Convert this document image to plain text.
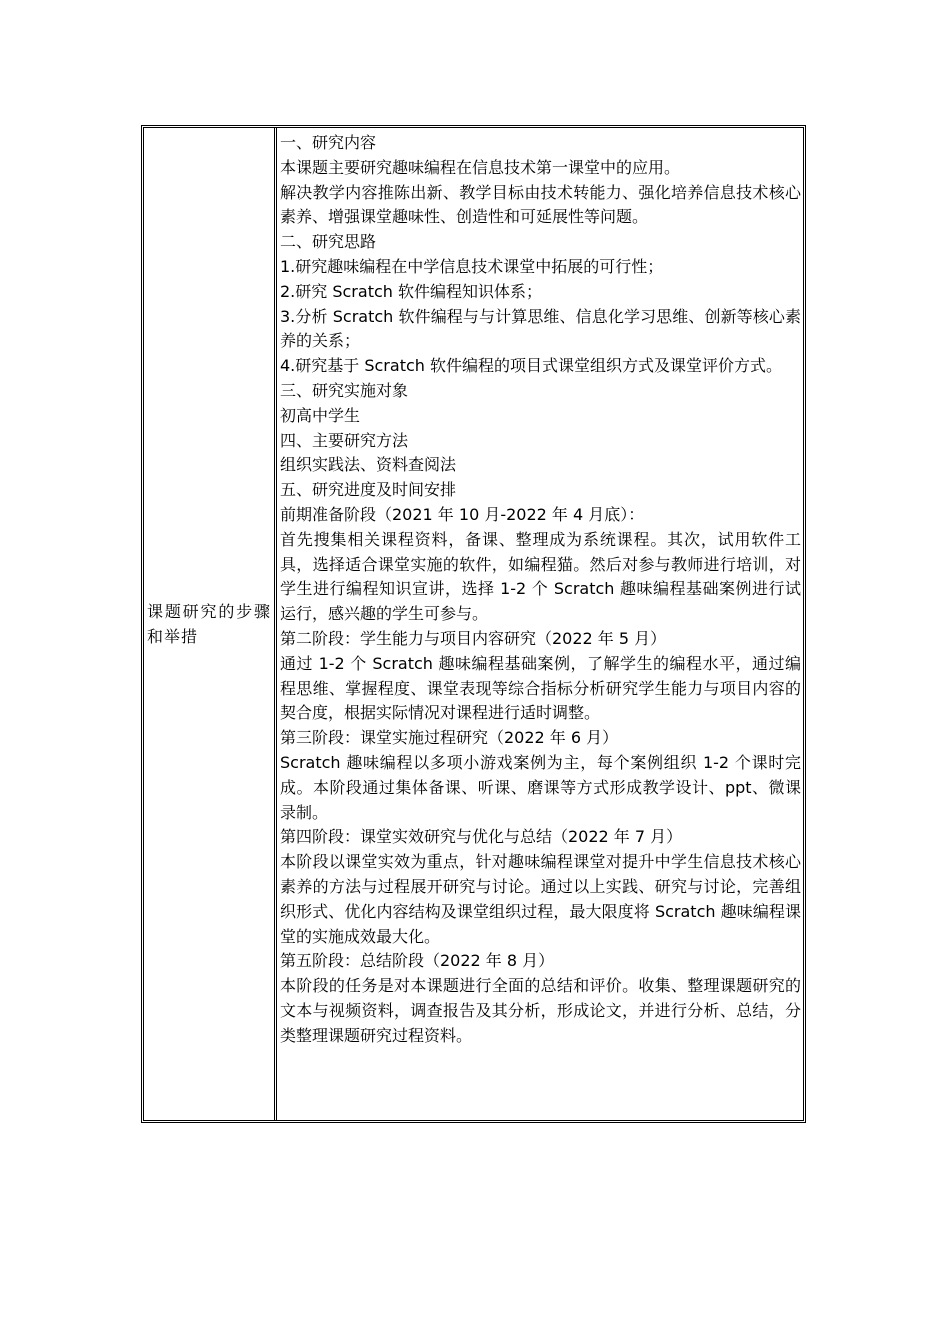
课题研究的步骤和举措

一、研究内容

本课题主要研究趣味编程在信息技术第一课堂中的应用。

解决教学内容推陈出新、教学目标由技术转能力、强化培养信息技术核心素养、增强课堂趣味性、创造性和可延展性等问题。

二、研究思路

1.研究趣味编程在中学信息技术课堂中拓展的可行性；

2.研究 Scratch 软件编程知识体系；

3.分析 Scratch 软件编程与与计算思维、信息化学习思维、创新等核心素养的关系；

4.研究基于 Scratch 软件编程的项目式课堂组织方式及课堂评价方式。

三、研究实施对象

初高中学生

四、主要研究方法

组织实践法、资料查阅法

五、研究进度及时间安排

前期准备阶段（2021 年 10 月-2022 年 4 月底）：

首先搜集相关课程资料，备课、整理成为系统课程。其次，试用软件工具，选择适合课堂实施的软件，如编程猫。然后对参与教师进行培训，对学生进行编程知识宣讲，选择 1-2 个 Scratch 趣味编程基础案例进行试运行，感兴趣的学生可参与。

第二阶段：学生能力与项目内容研究（2022 年 5 月）

通过 1-2 个 Scratch 趣味编程基础案例，了解学生的编程水平，通过编程思维、掌握程度、课堂表现等综合指标分析研究学生能力与项目内容的契合度，根据实际情况对课程进行适时调整。

第三阶段：课堂实施过程研究（2022 年 6 月）

Scratch 趣味编程以多项小游戏案例为主，每个案例组织 1-2 个课时完成。本阶段通过集体备课、听课、磨课等方式形成教学设计、ppt、微课录制。

第四阶段：课堂实效研究与优化与总结（2022 年 7 月）

本阶段以课堂实效为重点，针对趣味编程课堂对提升中学生信息技术核心素养的方法与过程展开研究与讨论。通过以上实践、研究与讨论，完善组织形式、优化内容结构及课堂组织过程，最大限度将 Scratch 趣味编程课堂的实施成效最大化。

第五阶段：总结阶段（2022 年 8 月）

本阶段的任务是对本课题进行全面的总结和评价。收集、整理课题研究的文本与视频资料，调查报告及其分析，形成论文，并进行分析、总结，分类整理课题研究过程资料。
